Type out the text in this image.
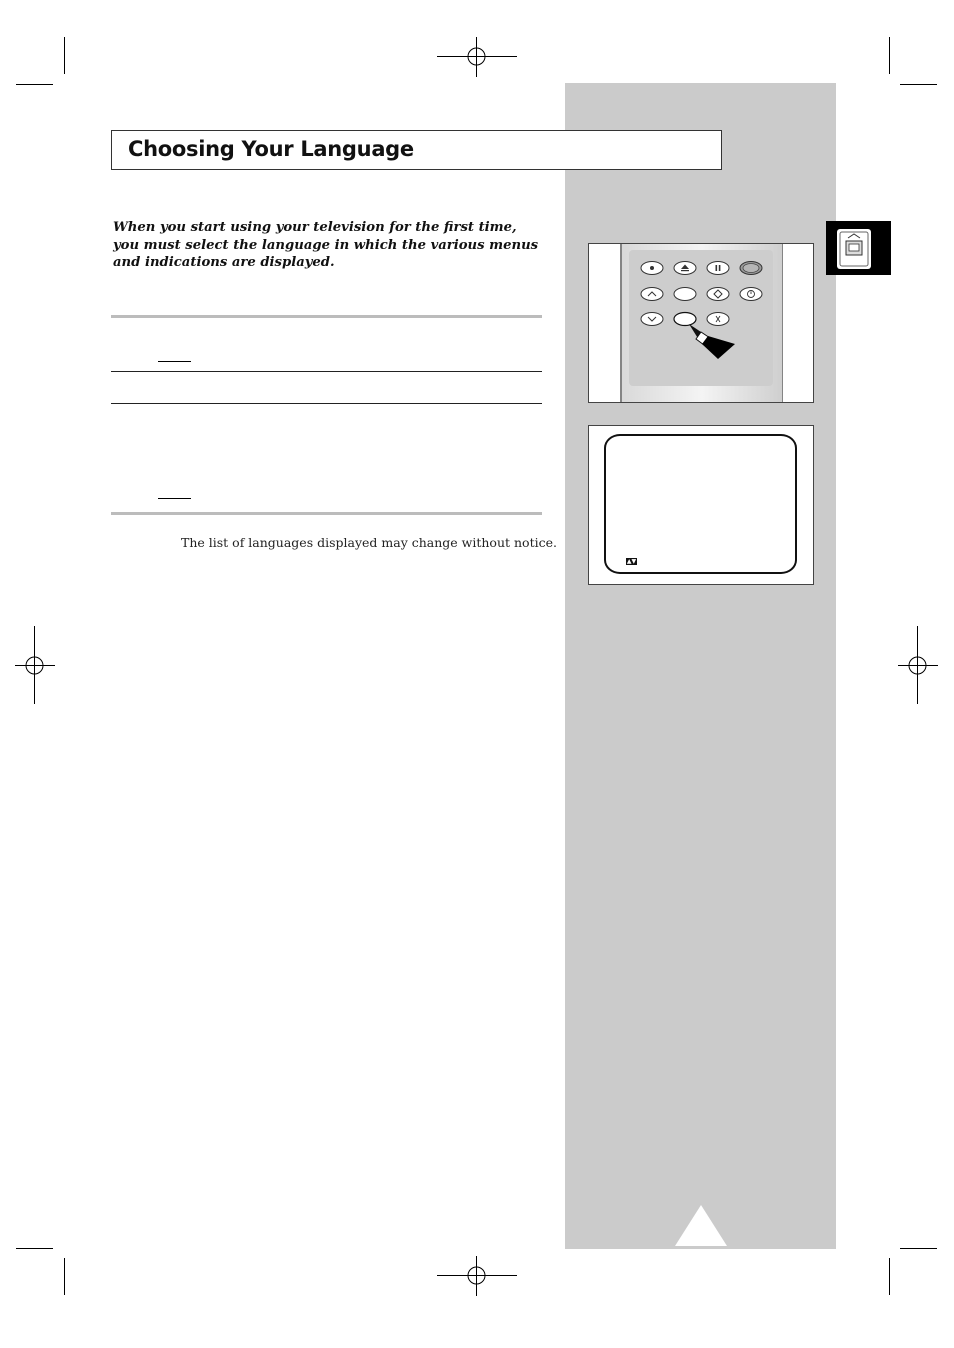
Choosing Your Language
When you start using your television for the first time, you must select the language in which the various menus and indications are displayed.
The list of languages displayed may change without notice.
▲▼
